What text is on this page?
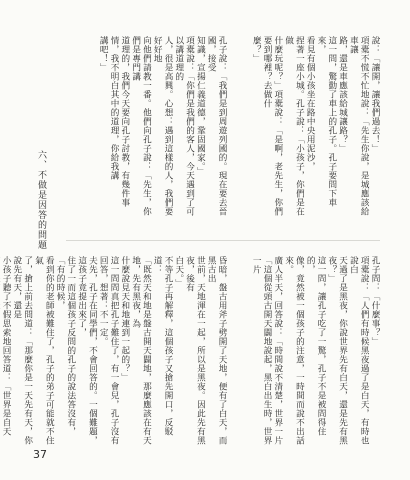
說：「讓開，讓我們過去！」
項橐不慌不忙地說：「先生你說，是城應該給車讓
路，還是車應該給城讓路？」
這一問，驚動了車上的孔子。孔子要問下車來，
看見有個小孩坐在路中央用泥沙，
捏著一座小城。孔子說：「小孩子，你們是在做
什麼玩呢？」項橐說：「是啊，老先生，你們要到哪裡？去做什
麼？」
孔子說：「我們是到周遊列國的。現在要去晉國，接受
知識，宣揚仁義道德，鞏固國家。」
項橐說：「你們是我們的客人，今天遇到了可以講道理的
人，很是高興。心想：遇到這樣的人，我們要好好地
向他們請教一番。他們向孔子說：「先生，你們是專門講
道理的，我們今天要向孔子討教，有幾件事情，我不明白其中的道理，你給我講
講吧！」
孔子問：「什麼事？」
項橐說：「人們有時候黑夜過了是白天，有時也說白
天過了是黑夜，你說世界先有白天，還是先有黑夜？」
這一問，讓孔子吃了一驚，孔子不是被問得住的，
像，竟然被一個孩子的注意，一時間而說不出話來。
廣人半天，回答說：「時間說不清楚，世界一片
「這個從頭古開天闢地說起，黑白出生時，世界一片
昏暗，盤古用斧子劈開了天地，便有了白天，而黑古出
世前，天地渾在一起，所以是黑夜。因此先有黑夜，後有
白天。」
不等孔子再解釋，這個孩子又搶先開口，反駁道：
「既然天和地是盤古開天闢地，那麼應該在有天地，先有黑夜，為
什麼說見天和地連到一起的？」
這一問問真把孔子難住了，有一會兒，孔子沒有回答，想著：不一定。
夫先，孔子在同學們，不會回答的。一個難題，這孩子竟提出來了，
住了一而這個孩子反問的孔子的說法答沒有，「有的時候，
看到你的老師被難住了，孔子的弟子可能就不住氣
了，搶上前去問道：「那麼你是一天先有天，你說先有天，還是
小孩子聽了不假思索地回答道：「世界是自天

六、不做是因答的問題
37
